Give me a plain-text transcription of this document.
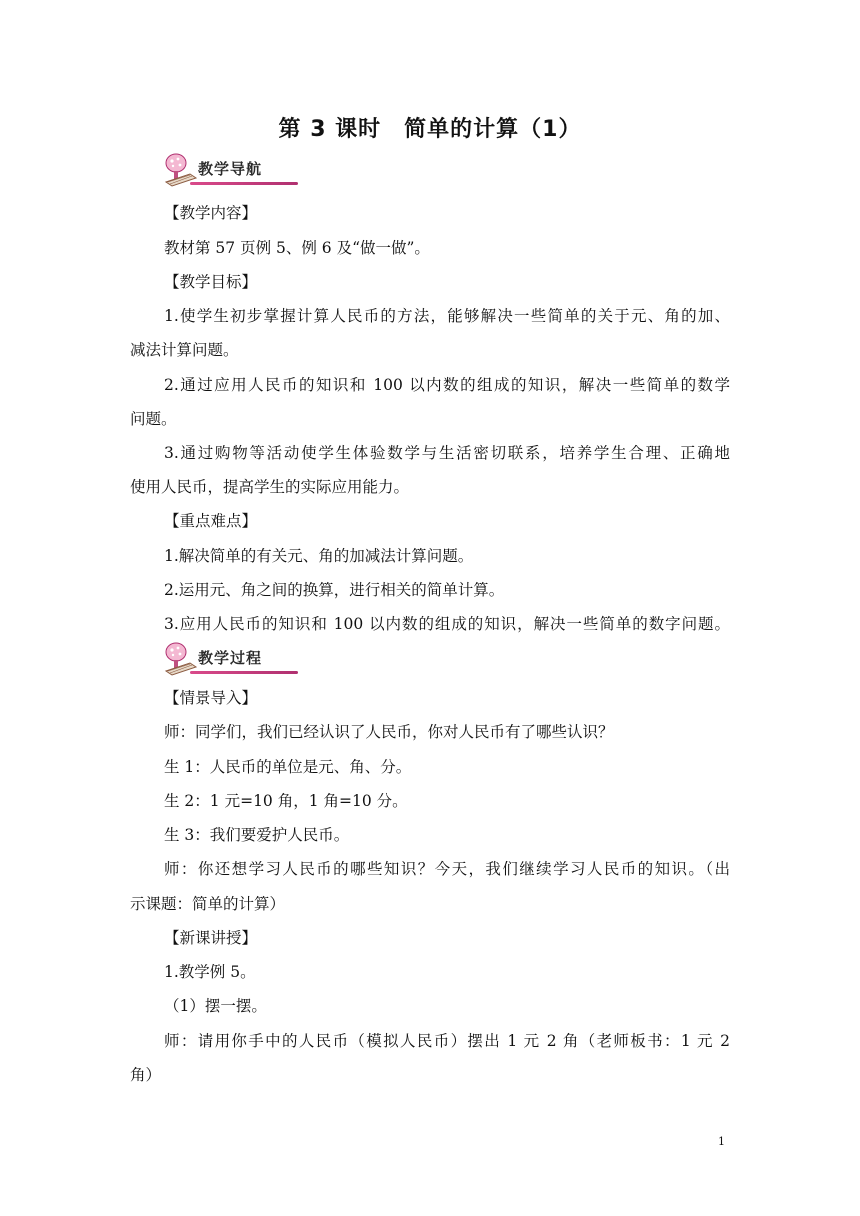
第 3 课时　简单的计算（1）
教学导航
【教学内容】
教材第 57 页例 5、例 6 及“做一做”。
【教学目标】
1.使学生初步掌握计算人民币的方法，能够解决一些简单的关于元、角的加、
减法计算问题。
2.通过应用人民币的知识和 100 以内数的组成的知识，解决一些简单的数学
问题。
3.通过购物等活动使学生体验数学与生活密切联系，培养学生合理、正确地
使用人民币，提高学生的实际应用能力。
【重点难点】
1.解决简单的有关元、角的加减法计算问题。
2.运用元、角之间的换算，进行相关的简单计算。
3.应用人民币的知识和 100 以内数的组成的知识，解决一些简单的数字问题。
教学过程
【情景导入】
师：同学们，我们已经认识了人民币，你对人民币有了哪些认识？
生 1：人民币的单位是元、角、分。
生 2：1 元=10 角，1 角=10 分。
生 3：我们要爱护人民币。
师：你还想学习人民币的哪些知识？今天，我们继续学习人民币的知识。（出
示课题：简单的计算）
【新课讲授】
1.教学例 5。
（1）摆一摆。
师：请用你手中的人民币（模拟人民币）摆出 1 元 2 角（老师板书：1 元 2
角）
1
